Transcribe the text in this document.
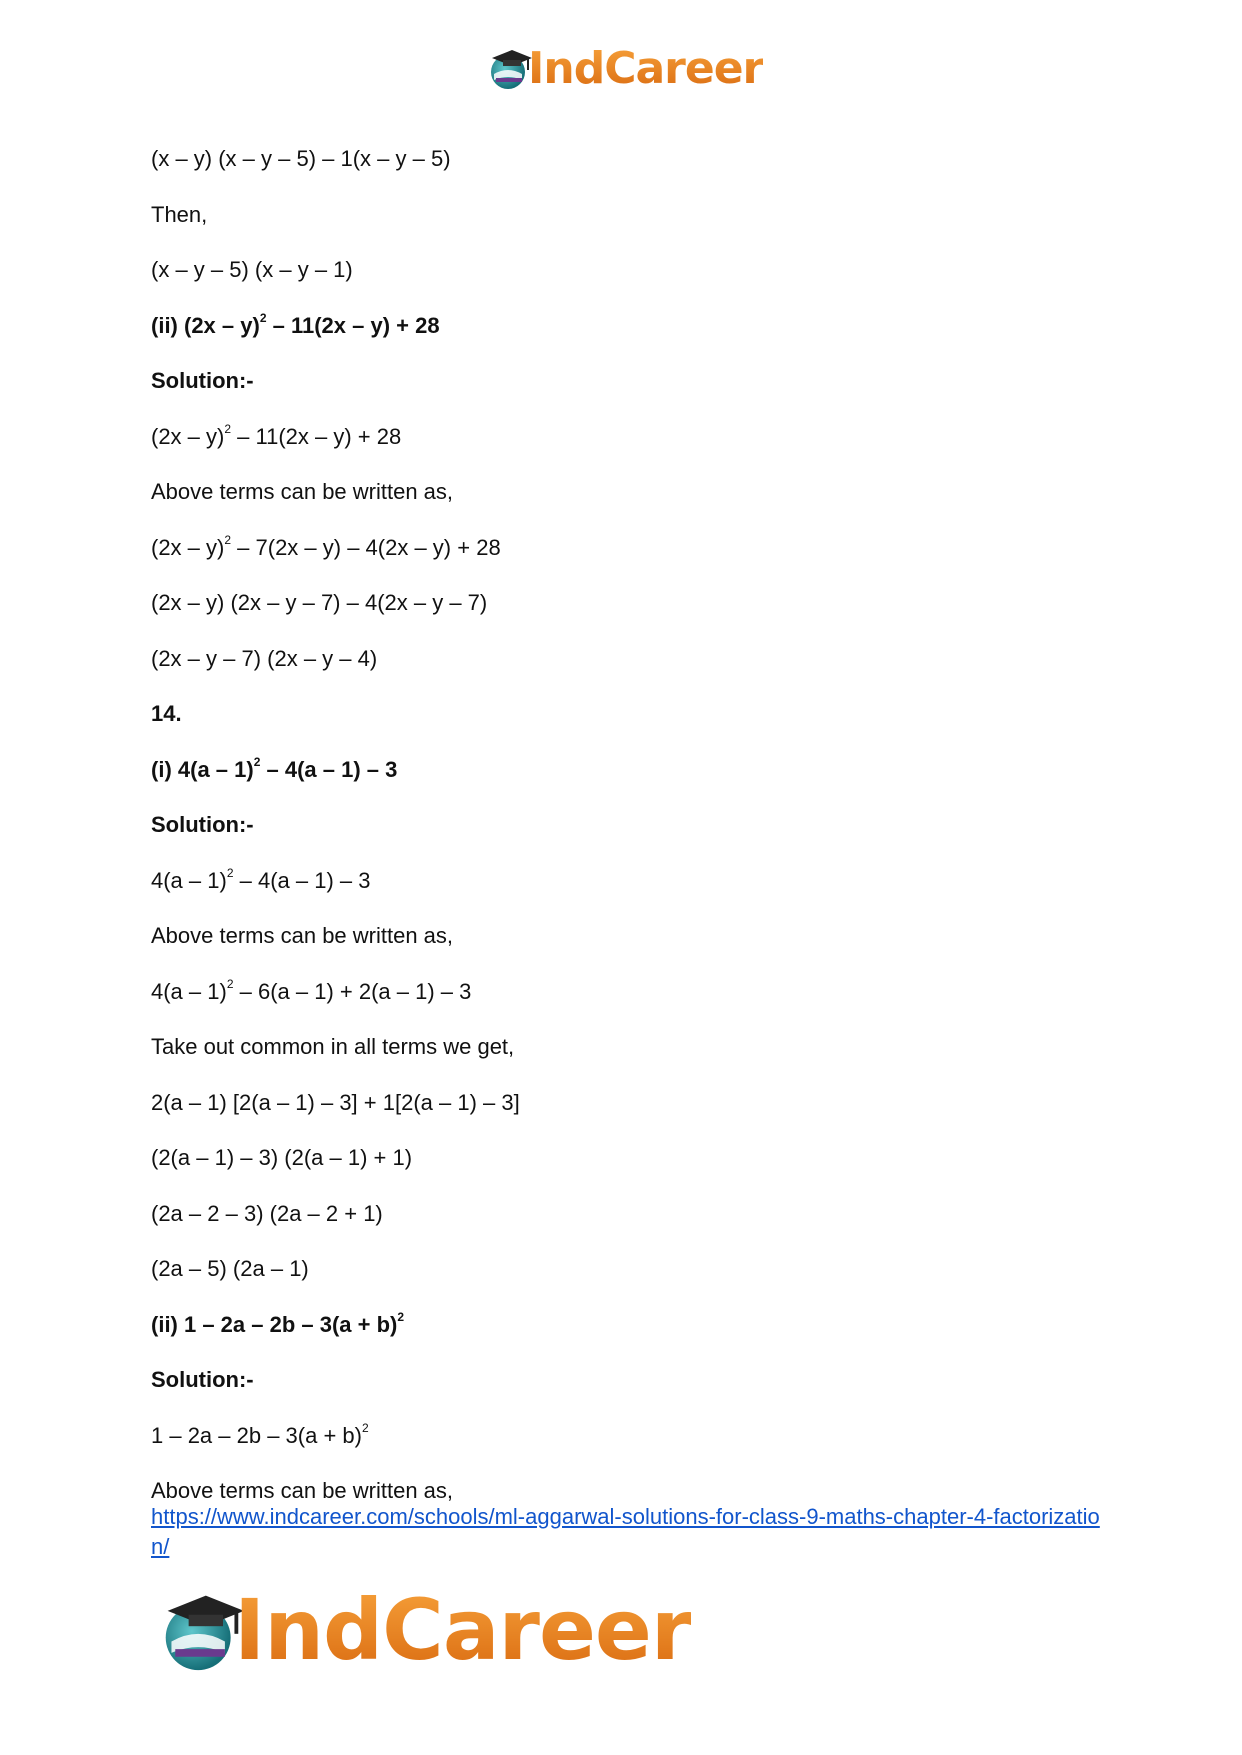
IndCareer
(x – y) (x – y – 5) – 1(x – y – 5)
Then,
(x – y – 5) (x – y – 1)
(ii) (2x – y)$^2$ – 11(2x – y) + 28
Solution:-
(2x – y)$^2$ – 11(2x – y) + 28
Above terms can be written as,
(2x – y)$^2$ – 7(2x – y) – 4(2x – y) + 28
(2x – y) (2x – y – 7) – 4(2x – y – 7)
(2x – y – 7) (2x – y – 4)
14.
(i) 4(a – 1)$^2$ – 4(a – 1) – 3
Solution:-
4(a – 1)$^2$ – 4(a – 1) – 3
Above terms can be written as,
4(a – 1)$^2$ – 6(a – 1) + 2(a – 1) – 3
Take out common in all terms we get,
2(a – 1) [2(a – 1) – 3] + 1[2(a – 1) – 3]
(2(a – 1) – 3) (2(a – 1) + 1)
(2a – 2 – 3) (2a – 2 + 1)
(2a – 5) (2a – 1)
(ii) $1 - 2a - 2b - 3(a + b)^2$
Solution:-
$1 - 2a - 2b - 3(a + b)^2$
Above terms can be written as,
https://www.indcareer.com/schools/ml-aggarwal-solutions-for-class-9-maths-chapter-4-factorization/
IndCareer
